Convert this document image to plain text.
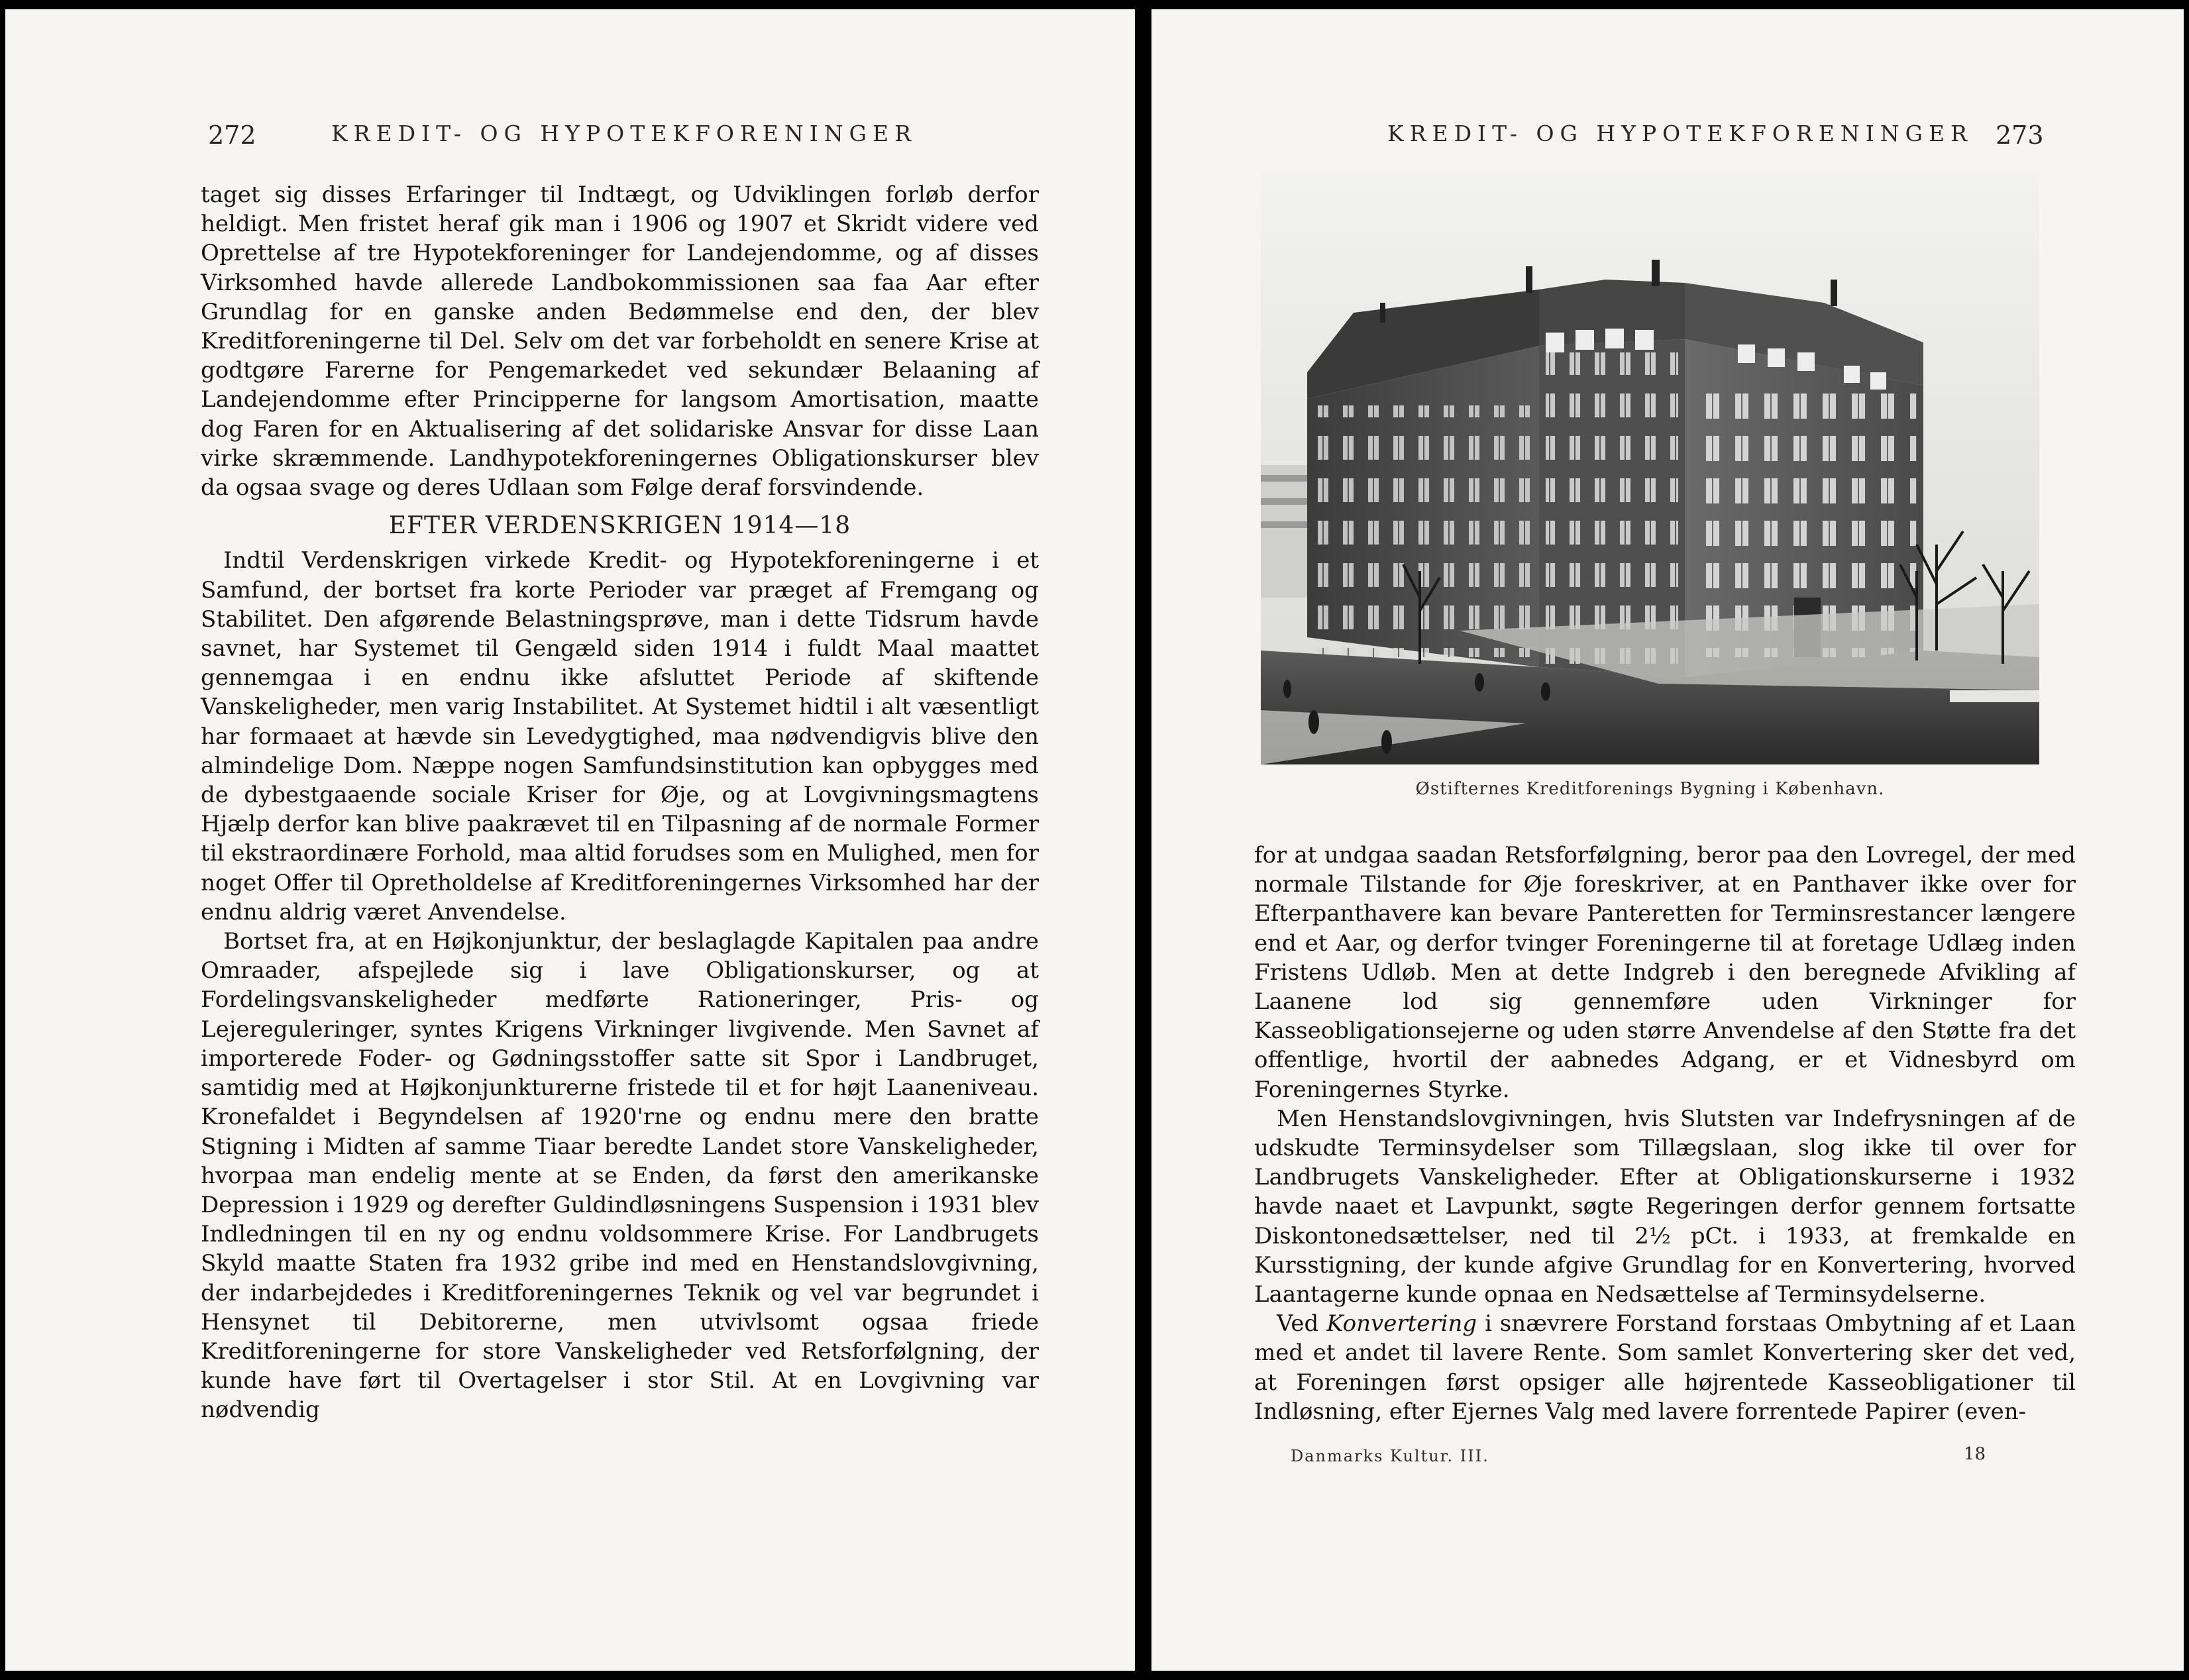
272	KREDIT- OG HYPOTEKFORENINGER

taget sig disses Erfaringer til Indtægt, og Udviklingen forløb derfor heldigt. Men fristet heraf gik man i 1906 og 1907 et Skridt videre ved Oprettelse af tre Hypotekforeninger for Landejendomme, og af disses Virksomhed havde allerede Landbokommissionen saa faa Aar efter Grundlag for en ganske anden Bedømmelse end den, der blev Kreditforeningerne til Del. Selv om det var forbeholdt en senere Krise at godtgøre Farerne for Pengemarkedet ved sekundær Belaaning af Landejendomme efter Principperne for langsom Amortisation, maatte dog Faren for en Aktualisering af det solidariske Ansvar for disse Laan virke skræmmende. Landhypotekforeningernes Obligationskurser blev da ogsaa svage og deres Udlaan som Følge deraf forsvindende.

EFTER VERDENSKRIGEN 1914—18

Indtil Verdenskrigen virkede Kredit- og Hypotekforeningerne i et Samfund, der bortset fra korte Perioder var præget af Fremgang og Stabilitet. Den afgørende Belastningsprøve, man i dette Tidsrum havde savnet, har Systemet til Gengæld siden 1914 i fuldt Maal maattet gennemgaa i en endnu ikke afsluttet Periode af skiftende Vanskeligheder, men varig Instabilitet. At Systemet hidtil i alt væsentligt har formaaet at hævde sin Levedygtighed, maa nødvendigvis blive den almindelige Dom. Næppe nogen Samfundsinstitution kan opbygges med de dybestgaaende sociale Kriser for Øje, og at Lovgivningsmagtens Hjælp derfor kan blive paakrævet til en Tilpasning af de normale Former til ekstraordinære Forhold, maa altid forudses som en Mulighed, men for noget Offer til Opretholdelse af Kreditforeningernes Virksomhed har der endnu aldrig været Anvendelse.

Bortset fra, at en Højkonjunktur, der beslaglagde Kapitalen paa andre Omraader, afspejlede sig i lave Obligationskurser, og at Fordelingsvanskeligheder medførte Rationeringer, Pris- og Lejereguleringer, syntes Krigens Virkninger livgivende. Men Savnet af importerede Foder- og Gødningsstoffer satte sit Spor i Landbruget, samtidig med at Højkonjunkturerne fristede til et for højt Laaneniveau. Kronefaldet i Begyndelsen af 1920'rne og endnu mere den bratte Stigning i Midten af samme Tiaar beredte Landet store Vanskeligheder, hvorpaa man endelig mente at se Enden, da først den amerikanske Depression i 1929 og derefter Guldindløsningens Suspension i 1931 blev Indledningen til en ny og endnu voldsommere Krise. For Landbrugets Skyld maatte Staten fra 1932 gribe ind med en Henstandslovgivning, der indarbejdedes i Kreditforeningernes Teknik og vel var begrundet i Hensynet til Debitorerne, men utvivlsomt ogsaa friede Kreditforeningerne for store Vanskeligheder ved Retsforfølgning, der kunde have ført til Overtagelser i stor Stil. At en Lovgivning var nødvendig

KREDIT- OG HYPOTEKFORENINGER 273
Østifternes Kreditforenings Bygning i København.

for at undgaa saadan Retsforfølgning, beror paa den Lovregel, der med normale Tilstande for Øje foreskriver, at en Panthaver ikke over for Efterpanthavere kan bevare Panteretten for Terminsrestancer længere end et Aar, og derfor tvinger Foreningerne til at foretage Udlæg inden Fristens Udløb. Men at dette Indgreb i den beregnede Afvikling af Laanene lod sig gennemføre uden Virkninger for Kasseobligationsejerne og uden større Anvendelse af den Støtte fra det offentlige, hvortil der aabnedes Adgang, er et Vidnesbyrd om Foreningernes Styrke.

Men Henstandslovgivningen, hvis Slutsten var Indefrysningen af de udskudte Terminsydelser som Tillægslaan, slog ikke til over for Landbrugets Vanskeligheder. Efter at Obligationskurserne i 1932 havde naaet et Lavpunkt, søgte Regeringen derfor gennem fortsatte Diskontonedsættelser, ned til 2½ pCt. i 1933, at fremkalde en Kursstigning, der kunde afgive Grundlag for en Konvertering, hvorved Laantagerne kunde opnaa en Nedsættelse af Terminsydelserne.

Ved Konvertering i snævrere Forstand forstaas Ombytning af et Laan med et andet til lavere Rente. Som samlet Konvertering sker det ved, at Foreningen først opsiger alle højrentede Kasseobligationer til Indløsning, efter Ejernes Valg med lavere forrentede Papirer (even-

Danmarks Kultur. III.	18
